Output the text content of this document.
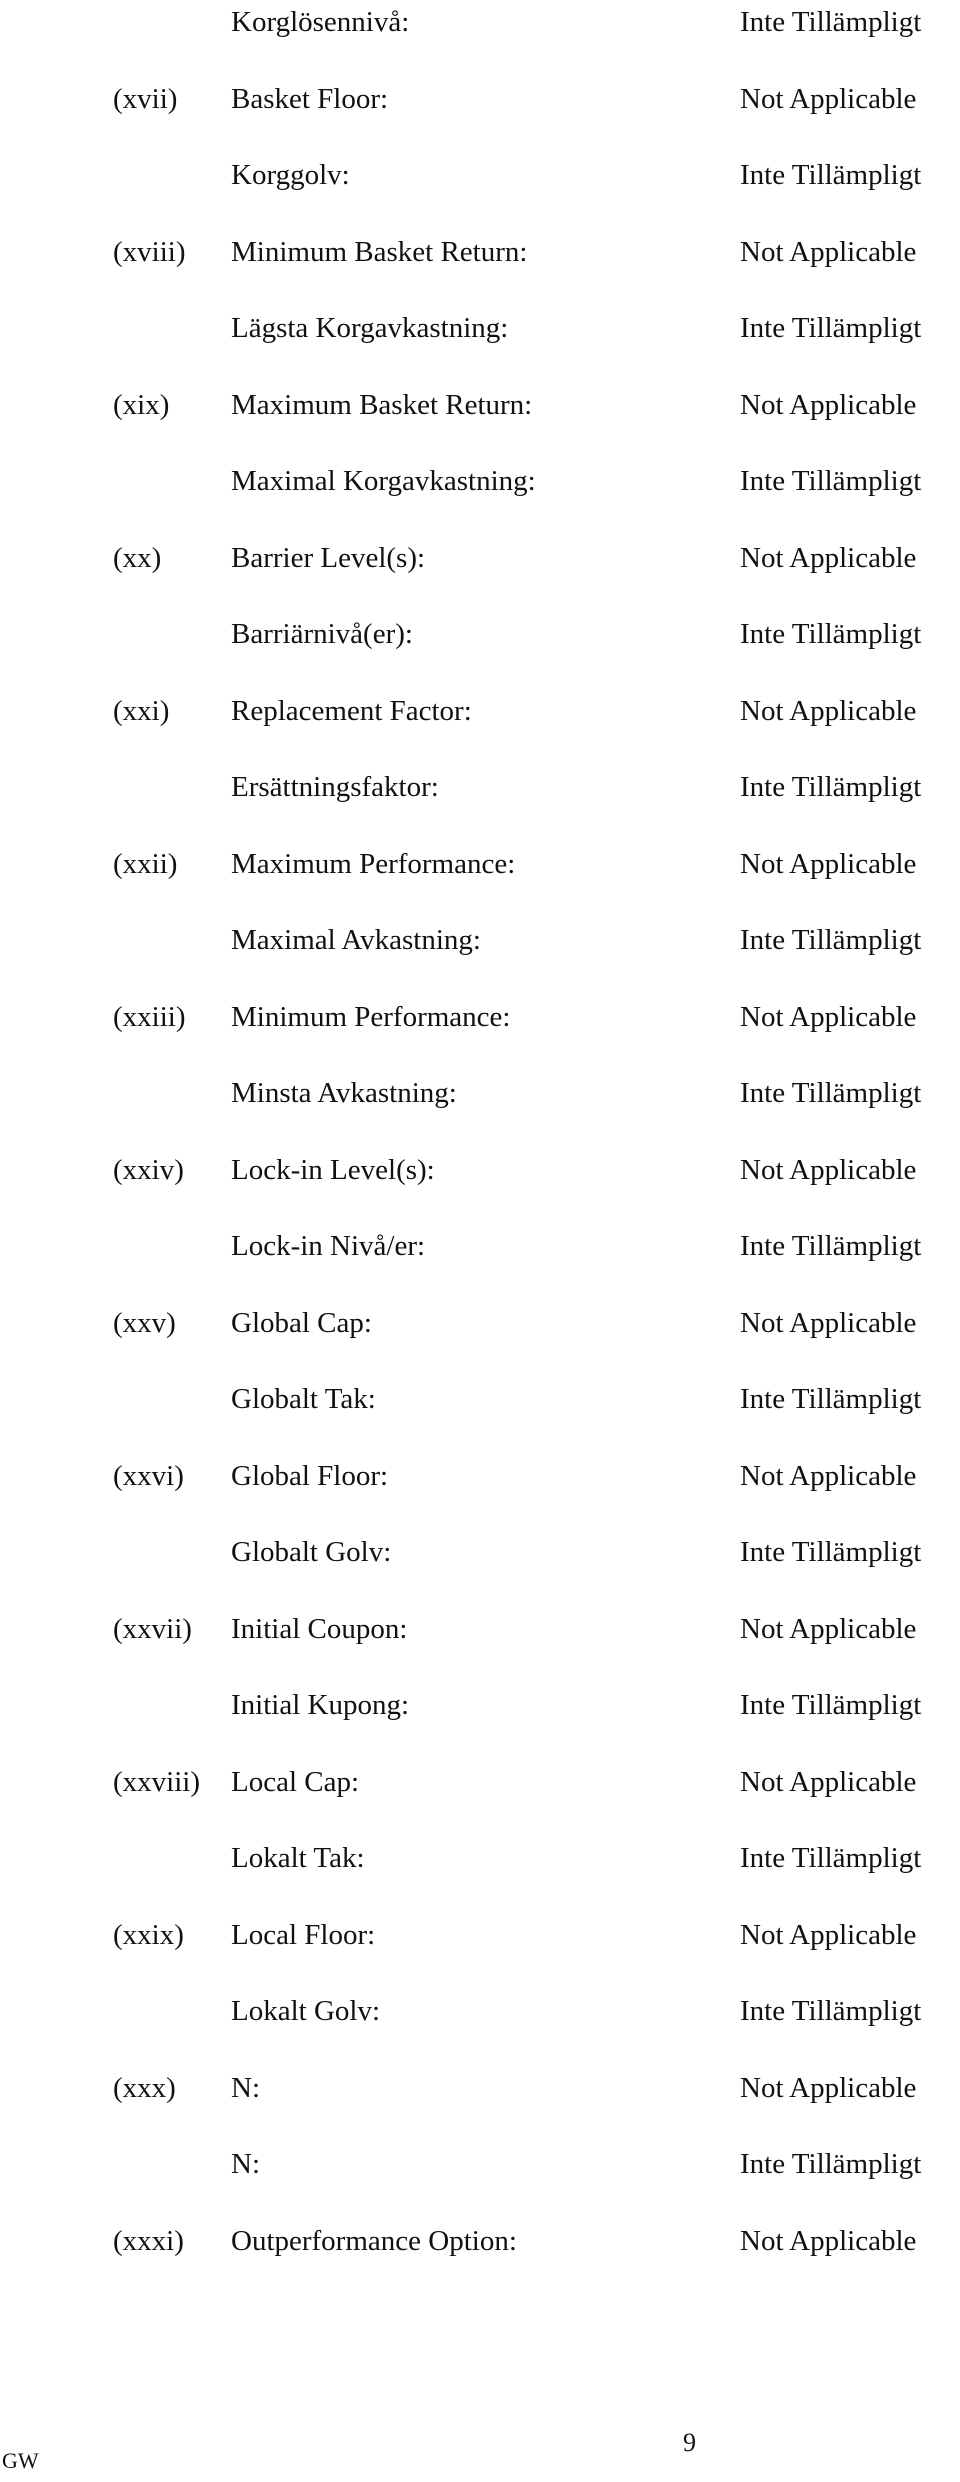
Korglösennivå:	Inte Tillämpligt
(xvii) Basket Floor:	Not Applicable
Korggolv:	Inte Tillämpligt
(xviii) Minimum Basket Return:	Not Applicable
Lägsta Korgavkastning:	Inte Tillämpligt
(xix) Maximum Basket Return:	Not Applicable
Maximal Korgavkastning:	Inte Tillämpligt
(xx) Barrier Level(s):	Not Applicable
Barriärnivå(er):	Inte Tillämpligt
(xxi) Replacement Factor:	Not Applicable
Ersättningsfaktor:	Inte Tillämpligt
(xxii) Maximum Performance:	Not Applicable
Maximal Avkastning:	Inte Tillämpligt
(xxiii) Minimum Performance:	Not Applicable
Minsta Avkastning:	Inte Tillämpligt
(xxiv) Lock-in Level(s):	Not Applicable
Lock-in Nivå/er:	Inte Tillämpligt
(xxv) Global Cap:	Not Applicable
Globalt Tak:	Inte Tillämpligt
(xxvi) Global Floor:	Not Applicable
Globalt Golv:	Inte Tillämpligt
(xxvii) Initial Coupon:	Not Applicable
Initial Kupong:	Inte Tillämpligt
(xxviii) Local Cap:	Not Applicable
Lokalt Tak:	Inte Tillämpligt
(xxix) Local Floor:	Not Applicable
Lokalt Golv:	Inte Tillämpligt
(xxx) N:	Not Applicable
N:	Inte Tillämpligt
(xxxi) Outperformance Option:	Not Applicable
9
GW
